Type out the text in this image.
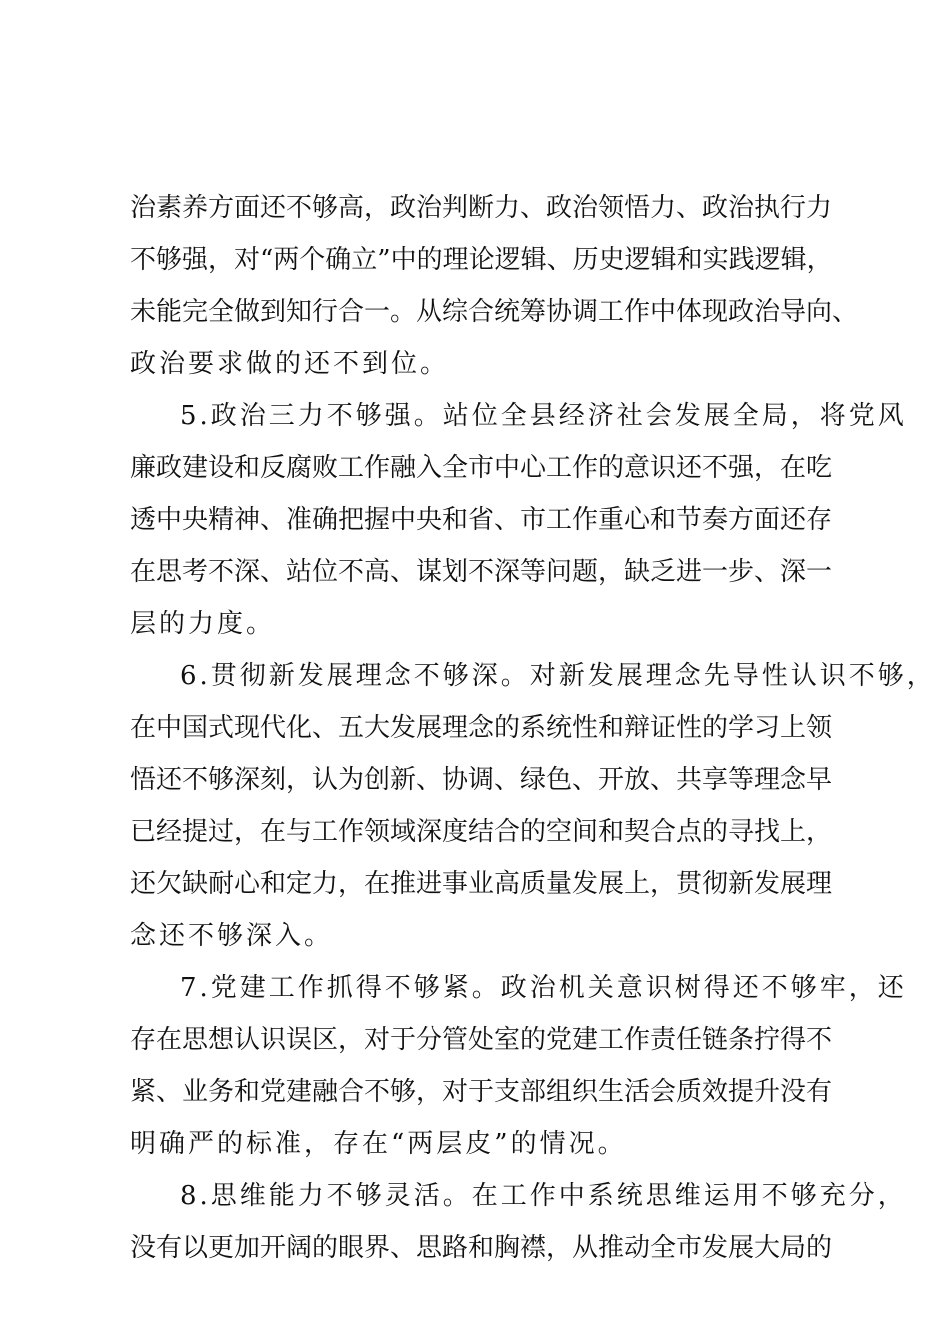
治素养方面还不够高，政治判断力、政治领悟力、政治执行力
不够强，对“两个确立”中的理论逻辑、历史逻辑和实践逻辑，
未能完全做到知行合一。从综合统筹协调工作中体现政治导向、
政治要求做的还不到位。
5.政治三力不够强。站位全县经济社会发展全局，将党风
廉政建设和反腐败工作融入全市中心工作的意识还不强，在吃
透中央精神、准确把握中央和省、市工作重心和节奏方面还存
在思考不深、站位不高、谋划不深等问题，缺乏进一步、深一
层的力度。
6.贯彻新发展理念不够深。对新发展理念先导性认识不够，
在中国式现代化、五大发展理念的系统性和辩证性的学习上领
悟还不够深刻，认为创新、协调、绿色、开放、共享等理念早
已经提过，在与工作领域深度结合的空间和契合点的寻找上，
还欠缺耐心和定力，在推进事业高质量发展上，贯彻新发展理
念还不够深入。
7.党建工作抓得不够紧。政治机关意识树得还不够牢，还
存在思想认识误区，对于分管处室的党建工作责任链条拧得不
紧、业务和党建融合不够，对于支部组织生活会质效提升没有
明确严的标准，存在“两层皮”的情况。
8.思维能力不够灵活。在工作中系统思维运用不够充分，
没有以更加开阔的眼界、思路和胸襟，从推动全市发展大局的
